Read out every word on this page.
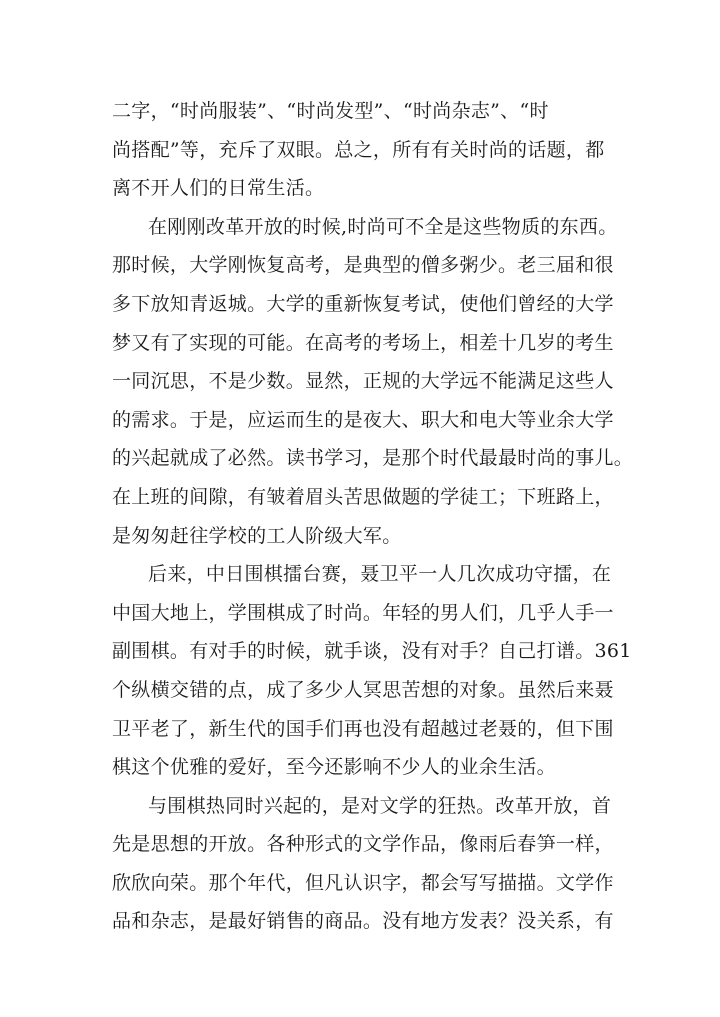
二字，“时尚服装”、“时尚发型”、“时尚杂志”、“时
尚搭配”等，充斥了双眼。总之，所有有关时尚的话题，都
离不开人们的日常生活。
在刚刚改革开放的时候,时尚可不全是这些物质的东西。
那时候，大学刚恢复高考，是典型的僧多粥少。老三届和很
多下放知青返城。大学的重新恢复考试，使他们曾经的大学
梦又有了实现的可能。在高考的考场上，相差十几岁的考生
一同沉思，不是少数。显然，正规的大学远不能满足这些人
的需求。于是，应运而生的是夜大、职大和电大等业余大学
的兴起就成了必然。读书学习，是那个时代最最时尚的事儿。
在上班的间隙，有皱着眉头苦思做题的学徒工；下班路上，
是匆匆赶往学校的工人阶级大军。
后来，中日围棋擂台赛，聂卫平一人几次成功守擂，在
中国大地上，学围棋成了时尚。年轻的男人们，几乎人手一
副围棋。有对手的时候，就手谈，没有对手？自己打谱。361
个纵横交错的点，成了多少人冥思苦想的对象。虽然后来聂
卫平老了，新生代的国手们再也没有超越过老聂的，但下围
棋这个优雅的爱好，至今还影响不少人的业余生活。
与围棋热同时兴起的，是对文学的狂热。改革开放，首
先是思想的开放。各种形式的文学作品，像雨后春笋一样，
欣欣向荣。那个年代，但凡认识字，都会写写描描。文学作
品和杂志，是最好销售的商品。没有地方发表？没关系，有
